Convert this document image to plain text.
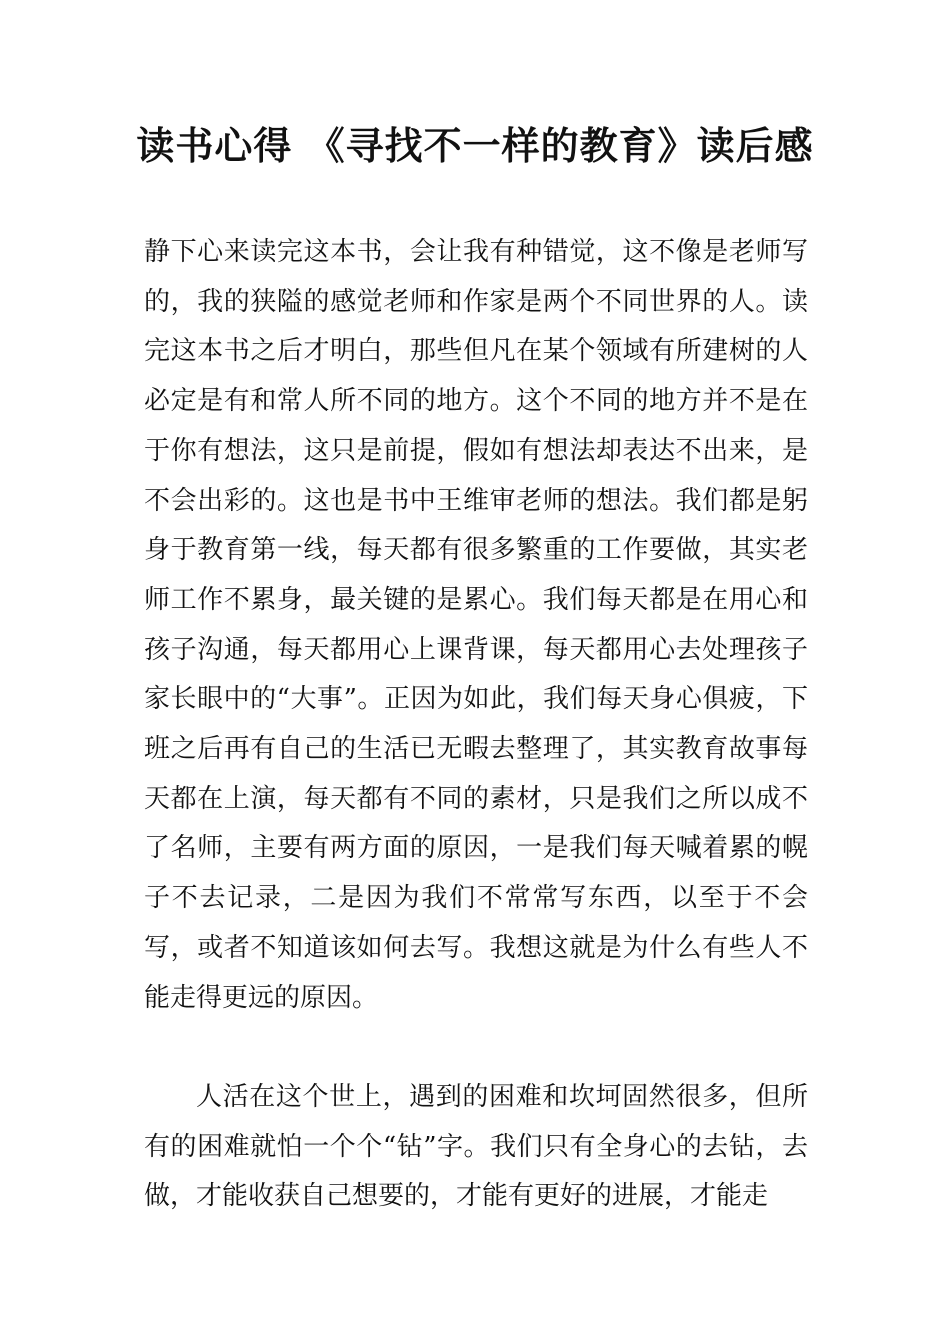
读书心得 《寻找不一样的教育》读后感

静下心来读完这本书，会让我有种错觉，这不像是老师写的，我的狭隘的感觉老师和作家是两个不同世界的人。读完这本书之后才明白，那些但凡在某个领域有所建树的人必定是有和常人所不同的地方。这个不同的地方并不是在于你有想法，这只是前提，假如有想法却表达不出来，是不会出彩的。这也是书中王维审老师的想法。我们都是躬身于教育第一线，每天都有很多繁重的工作要做，其实老师工作不累身，最关键的是累心。我们每天都是在用心和孩子沟通，每天都用心上课背课，每天都用心去处理孩子家长眼中的“大事”。正因为如此，我们每天身心俱疲，下班之后再有自己的生活已无暇去整理了，其实教育故事每天都在上演，每天都有不同的素材，只是我们之所以成不了名师，主要有两方面的原因，一是我们每天喊着累的幌子不去记录，二是因为我们不常常写东西，以至于不会写，或者不知道该如何去写。我想这就是为什么有些人不能走得更远的原因。

人活在这个世上，遇到的困难和坎坷固然很多，但所有的困难就怕一个个“钻”字。我们只有全身心的去钻，去做，才能收获自己想要的，才能有更好的进展，才能走
